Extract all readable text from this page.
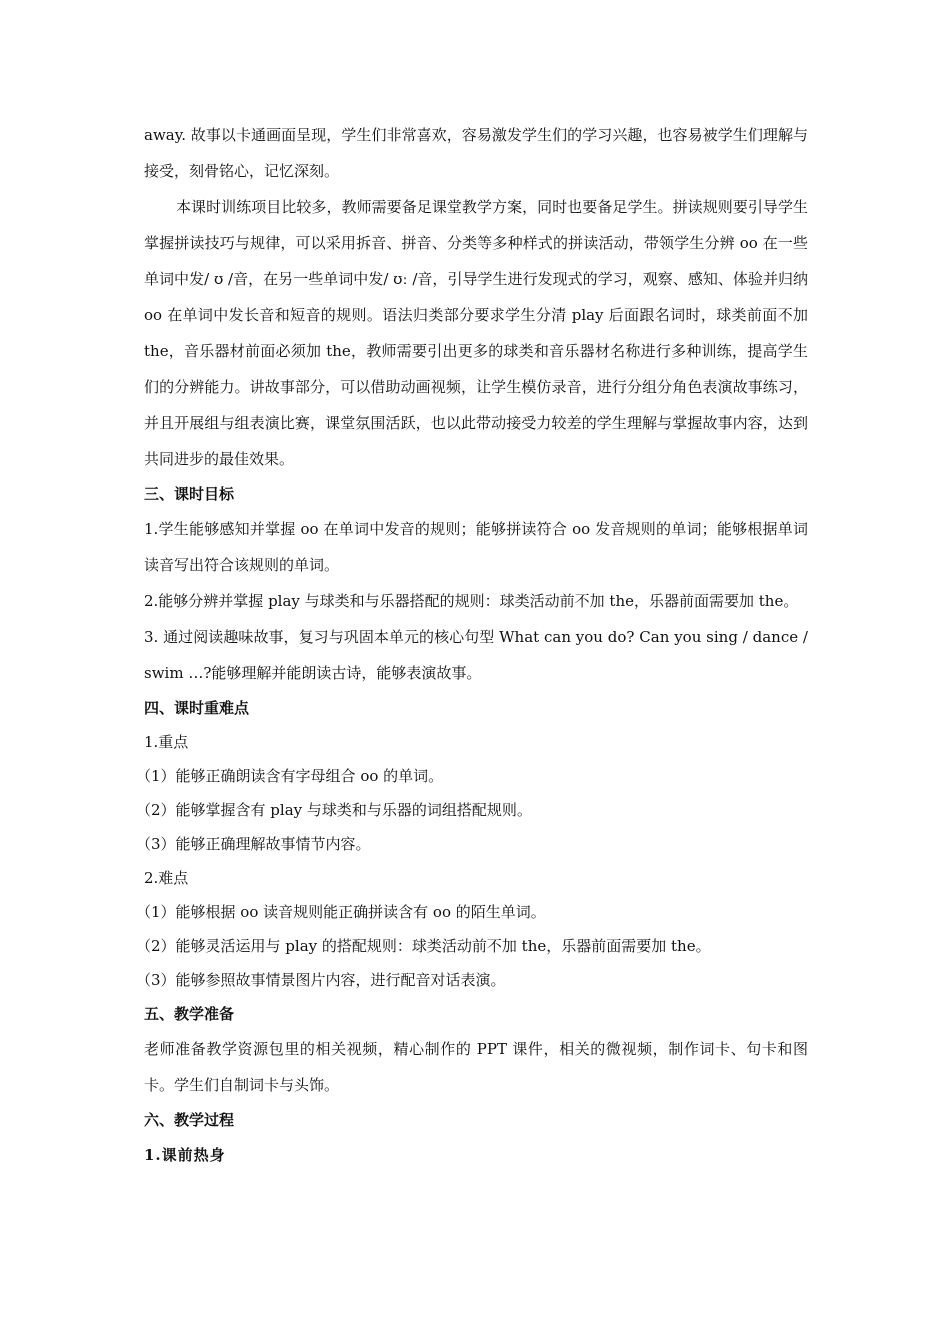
away. 故事以卡通画面呈现，学生们非常喜欢，容易激发学生们的学习兴趣，也容易被学生们理解与接受，刻骨铭心，记忆深刻。

本课时训练项目比较多，教师需要备足课堂教学方案，同时也要备足学生。拼读规则要引导学生掌握拼读技巧与规律，可以采用拆音、拼音、分类等多种样式的拼读活动，带领学生分辨 oo 在一些单词中发/ ʊ /音，在另一些单词中发/ ʊː /音，引导学生进行发现式的学习，观察、感知、体验并归纳 oo 在单词中发长音和短音的规则。语法归类部分要求学生分清 play 后面跟名词时，球类前面不加 the，音乐器材前面必须加 the，教师需要引出更多的球类和音乐器材名称进行多种训练，提高学生们的分辨能力。讲故事部分，可以借助动画视频，让学生模仿录音，进行分组分角色表演故事练习，并且开展组与组表演比赛，课堂氛围活跃，也以此带动接受力较差的学生理解与掌握故事内容，达到共同进步的最佳效果。

三、课时目标

1.学生能够感知并掌握 oo 在单词中发音的规则；能够拼读符合 oo 发音规则的单词；能够根据单词读音写出符合该规则的单词。

2.能够分辨并掌握 play 与球类和与乐器搭配的规则：球类活动前不加 the，乐器前面需要加 the。

3. 通过阅读趣味故事，复习与巩固本单元的核心句型 What can you do? Can you sing / dance / swim …?能够理解并能朗读古诗，能够表演故事。

四、课时重难点

1.重点

（1）能够正确朗读含有字母组合 oo 的单词。

（2）能够掌握含有 play 与球类和与乐器的词组搭配规则。

（3）能够正确理解故事情节内容。

2.难点

（1）能够根据 oo 读音规则能正确拼读含有 oo 的陌生单词。

（2）能够灵活运用与 play 的搭配规则：球类活动前不加 the，乐器前面需要加 the。

（3）能够参照故事情景图片内容，进行配音对话表演。

五、教学准备

老师准备教学资源包里的相关视频，精心制作的 PPT 课件，相关的微视频，制作词卡、句卡和图卡。学生们自制词卡与头饰。

六、教学过程

1.课前热身
